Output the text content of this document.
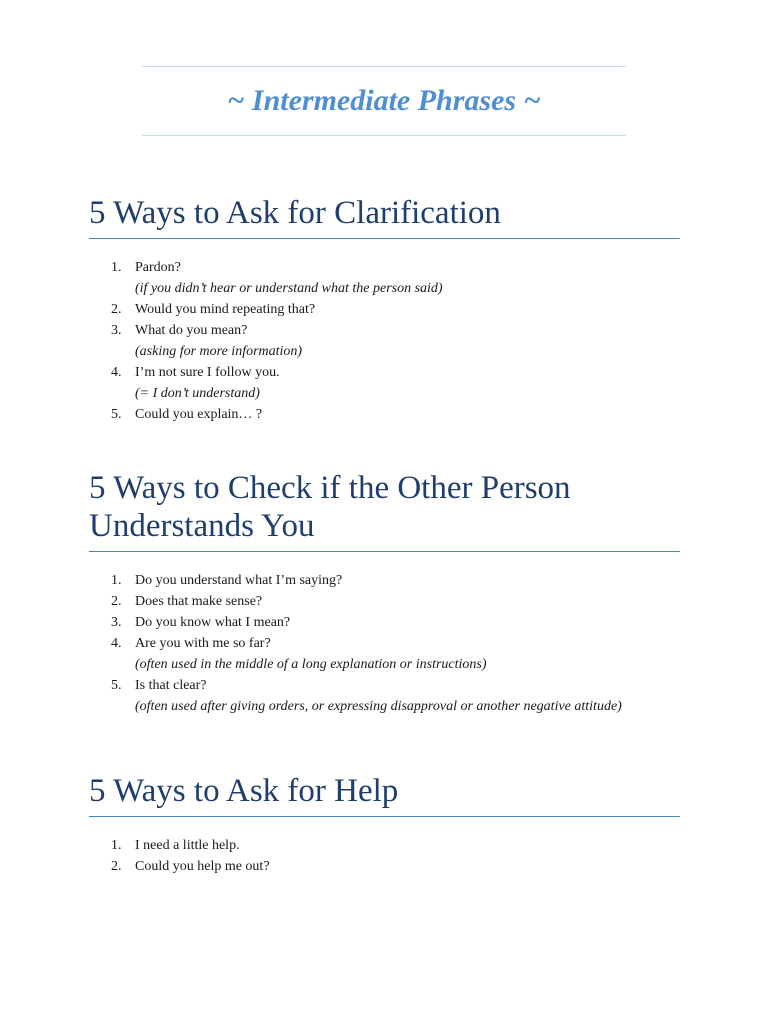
~ Intermediate Phrases ~
5 Ways to Ask for Clarification
1. Pardon?
(if you didn’t hear or understand what the person said)
2. Would you mind repeating that?
3. What do you mean?
(asking for more information)
4. I’m not sure I follow you.
(= I don’t understand)
5. Could you explain… ?
5 Ways to Check if the Other Person Understands You
1. Do you understand what I’m saying?
2. Does that make sense?
3. Do you know what I mean?
4. Are you with me so far?
(often used in the middle of a long explanation or instructions)
5. Is that clear?
(often used after giving orders, or expressing disapproval or another negative attitude)
5 Ways to Ask for Help
1. I need a little help.
2. Could you help me out?
